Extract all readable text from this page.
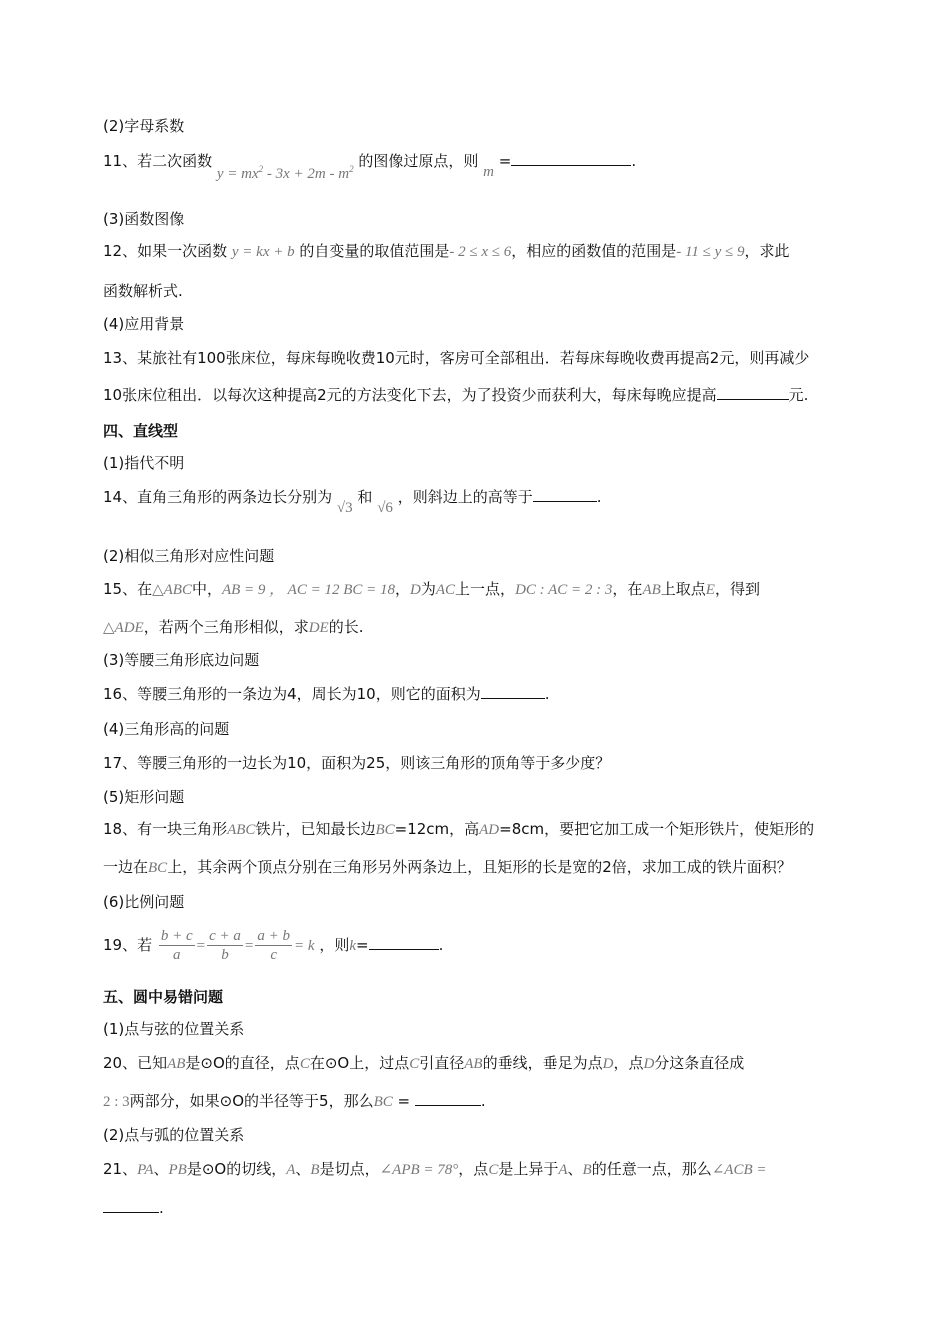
(2)字母系数
11、若二次函数 $y = mx^2 - 3x + 2m - m^2$ 的图像过原点，则 m =	.
(3)函数图像
12、如果一次函数 y = kx + b 的自变量的取值范围是- 2 ≤ x ≤ 6，相应的函数值的范围是- 11 ≤ y ≤ 9，求此
函数解析式.
(4)应用背景
13、某旅社有100张床位，每床每晚收费10元时，客房可全部租出．若每床每晚收费再提高2元，则再减少
10张床位租出．以每次这种提高2元的方法变化下去，为了投资少而获利大，每床每晚应提高	元.
四、直线型
(1)指代不明
14、直角三角形的两条边长分别为 √3 和 √6 ，则斜边上的高等于	.
(2)相似三角形对应性问题
15、在△ABC中，AB = 9 ， AC = 12 BC = 18，D为AC上一点，DC : AC = 2 : 3，在AB上取点E，得到
△ADE，若两个三角形相似，求DE的长.
(3)等腰三角形底边问题
16、等腰三角形的一条边为4，周长为10，则它的面积为	.
(4)三角形高的问题
17、等腰三角形的一边长为10，面积为25，则该三角形的顶角等于多少度？
(5)矩形问题
18、有一块三角形ABC铁片，已知最长边BC=12cm，高AD=8cm，要把它加工成一个矩形铁片，使矩形的
一边在BC上，其余两个顶点分别在三角形另外两条边上，且矩形的长是宽的2倍，求加工成的铁片面积？
(6)比例问题
19、若 $\frac{b + c}{a} = \frac{c + a}{b} = \frac{a + b}{c} = k$ ，则k=	.
五、圆中易错问题
(1)点与弦的位置关系
20、已知AB是⊙O的直径，点C在⊙O上，过点C引直径AB的垂线，垂足为点D，点D分这条直径成
2 : 3两部分，如果⊙O的半径等于5，那么BC =	.
(2)点与弧的位置关系
21、PA、PB是⊙O的切线，A、B是切点，∠APB = 78°，点C是上异于A、B的任意一点，那么∠ACB =
.
